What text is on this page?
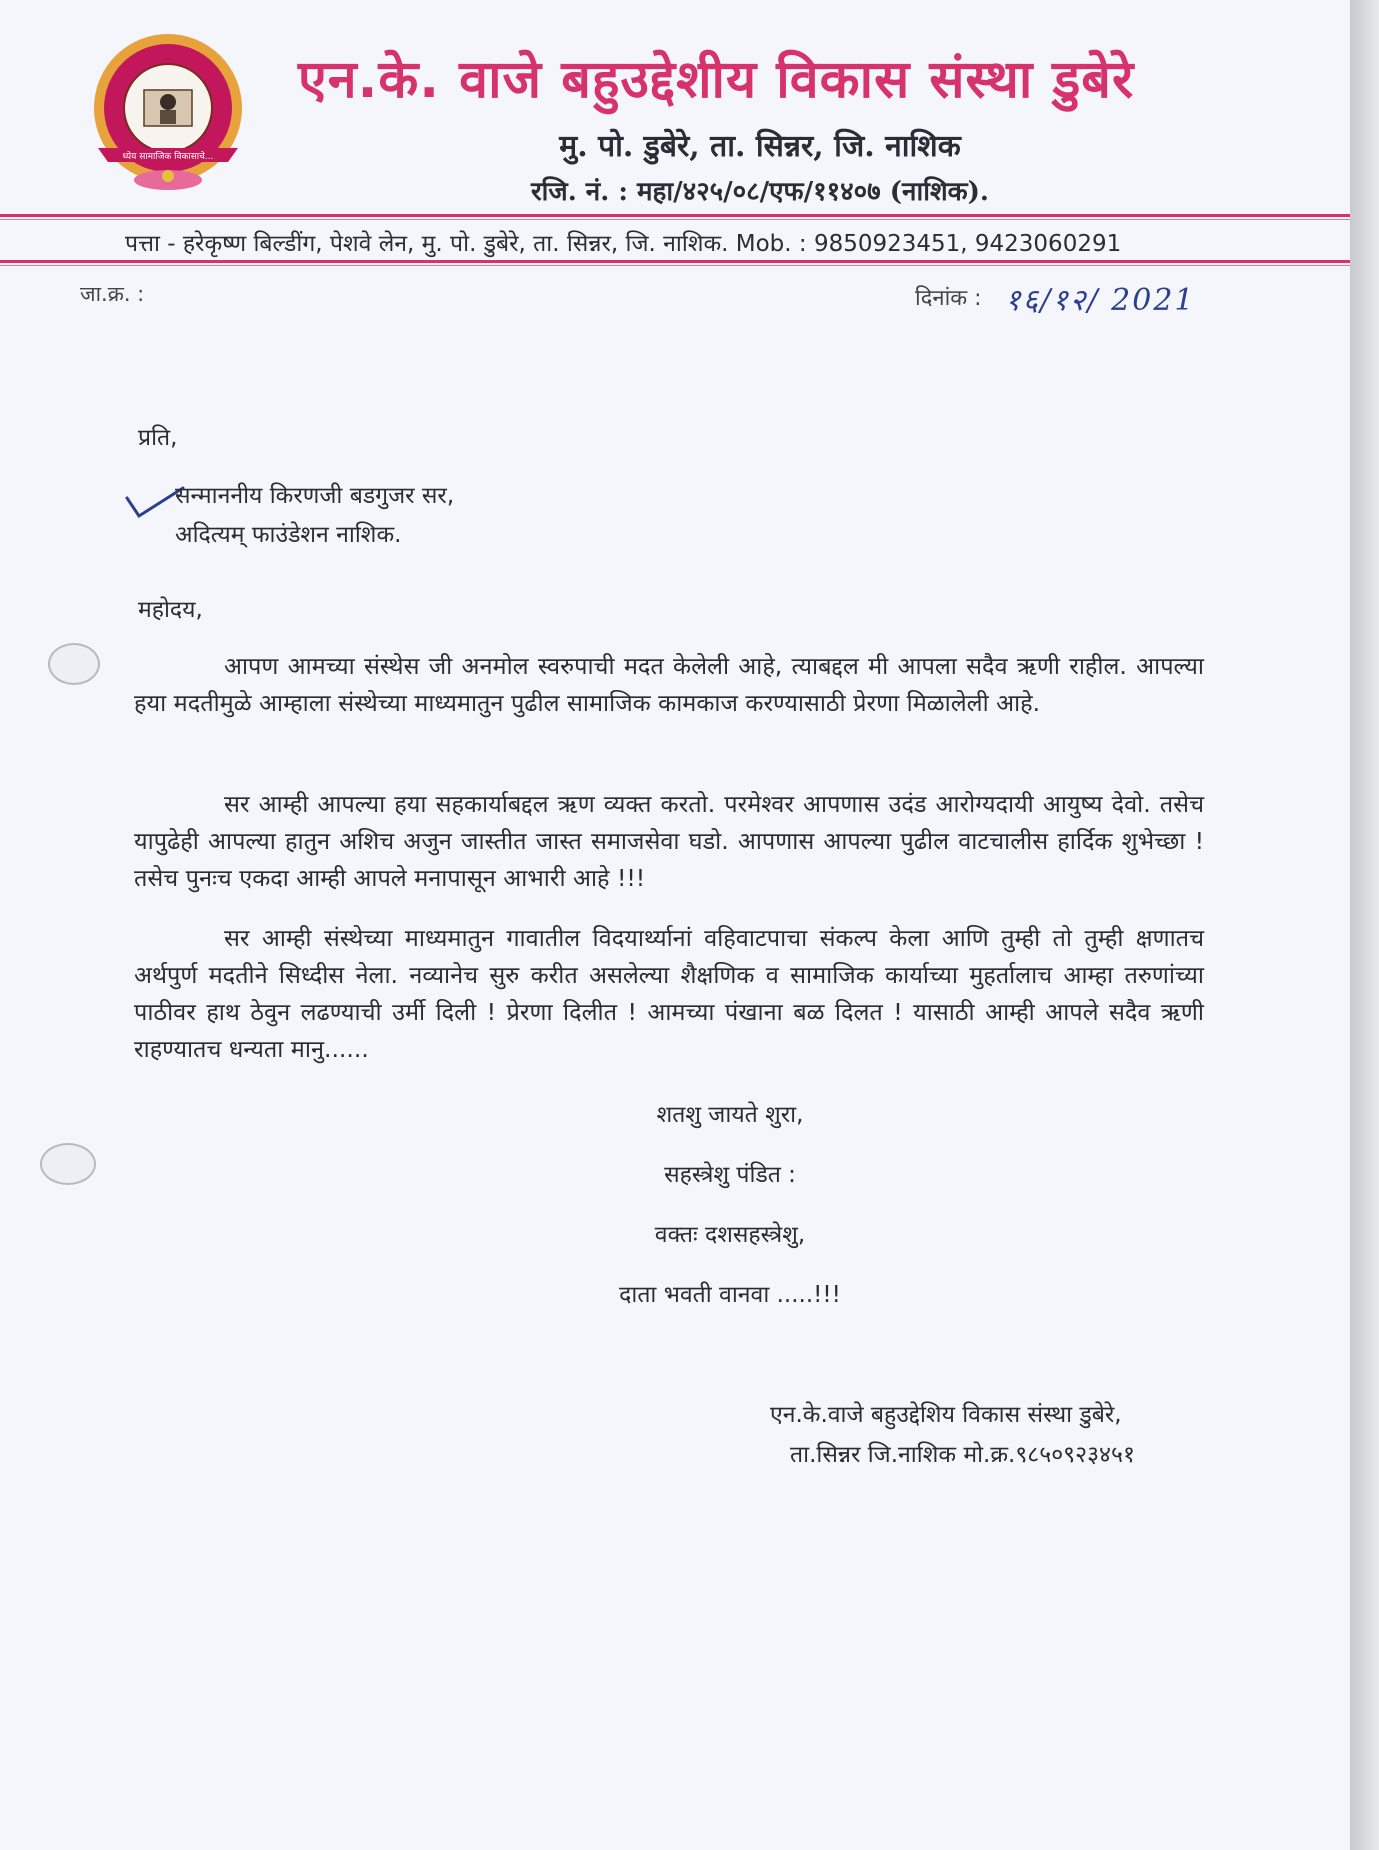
ध्येय सामाजिक विकासाचे...
एन.के. वाजे बहुउद्देशीय विकास संस्था डुबेरे
मु. पो. डुबेरे, ता. सिन्नर, जि. नाशिक
रजि. नं. : महा/४२५/०८/एफ/११४०७ (नाशिक).
पत्ता - हरेकृष्ण बिल्डींग, पेशवे लेन, मु. पो. डुबेरे, ता. सिन्नर, जि. नाशिक. Mob. : 9850923451, 9423060291
जा.क्र. :	दिनांक : १६/१२/ 2021
प्रति,
सन्माननीय किरणजी बडगुजर सर,
अदित्यम् फाउंडेशन नाशिक.
महोदय,
आपण आमच्या संस्थेस जी अनमोल स्वरुपाची मदत केलेली आहे, त्याबद्दल मी आपला सदैव ऋणी राहील. आपल्या हया मदतीमुळे आम्हाला संस्थेच्या माध्यमातुन पुढील सामाजिक कामकाज करण्यासाठी प्रेरणा मिळालेली आहे.
सर आम्ही आपल्या हया सहकार्याबद्दल ऋण व्यक्त करतो. परमेश्वर आपणास उदंड आरोग्यदायी आयुष्य देवो. तसेच यापुढेही आपल्या हातुन अशिच अजुन जास्तीत जास्त समाजसेवा घडो. आपणास आपल्या पुढील वाटचालीस हार्दिक शुभेच्छा ! तसेच पुनःच एकदा आम्ही आपले मनापासून आभारी आहे !!!
सर आम्ही संस्थेच्या माध्यमातुन गावातील विदयार्थ्यानां वहिवाटपाचा संकल्प केला आणि तुम्ही तो तुम्ही क्षणातच अर्थपुर्ण मदतीने सिध्दीस नेला. नव्यानेच सुरु करीत असलेल्या शैक्षणिक व सामाजिक कार्याच्या मुहर्तालाच आम्हा तरुणांच्या पाठीवर हाथ ठेवुन लढण्याची उर्मी दिली ! प्रेरणा दिलीत ! आमच्या पंखाना बळ दिलत ! यासाठी आम्ही आपले सदैव ऋणी राहण्यातच धन्यता मानु......
शतशु जायते शुरा,
सहस्त्रेशु पंडित :
वक्तः दशसहस्त्रेशु,
दाता भवती वानवा .....!!!
एन.के.वाजे बहुउद्देशिय विकास संस्था डुबेरे,
ता.सिन्नर जि.नाशिक मो.क्र.९८५०९२३४५१
